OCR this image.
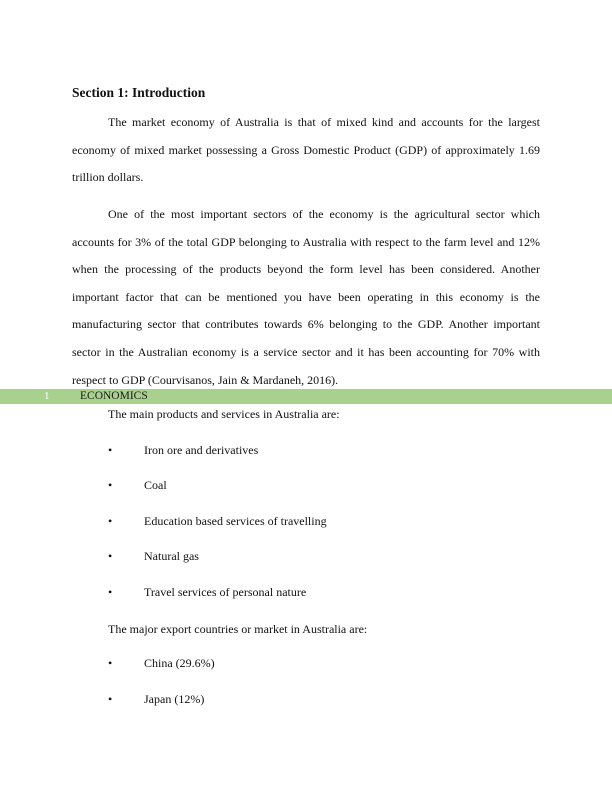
Section 1: Introduction

The market economy of Australia is that of mixed kind and accounts for the largest economy of mixed market possessing a Gross Domestic Product (GDP) of approximately 1.69 trillion dollars.

One of the most important sectors of the economy is the agricultural sector which accounts for 3% of the total GDP belonging to Australia with respect to the farm level and 12% when the processing of the products beyond the form level has been considered. Another important factor that can be mentioned you have been operating in this economy is the manufacturing sector that contributes towards 6% belonging to the GDP. Another important sector in the Australian economy is a service sector and it has been accounting for 70% with respect to GDP (Courvisanos, Jain & Mardaneh, 2016).

1	ECONOMICS

The main products and services in Australia are:

•	Iron ore and derivatives
•	Coal
•	Education based services of travelling
•	Natural gas
•	Travel services of personal nature

The major export countries or market in Australia are:

•	China (29.6%)
•	Japan (12%)
